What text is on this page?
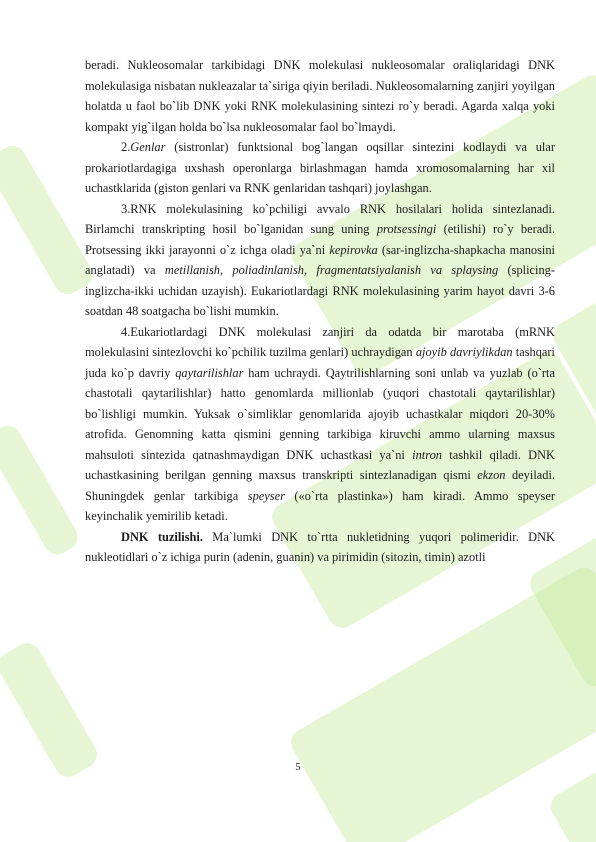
beradi. Nukleosomalar tarkibidagi DNK molekulasi nukleosomalar oraliqlaridagi DNK molekulasiga nisbatan nukleazalar ta`siriga qiyin beriladi. Nukleosomalarning zanjiri yoyilgan holatda u faol bo`lib DNK yoki RNK molekulasining sintezi ro`y beradi. Agarda xalqa yoki kompakt yig`ilgan holda bo`lsa nukleosomalar faol bo`lmaydi.

2.Genlar (sistronlar) funktsional bog`langan oqsillar sintezini kodlaydi va ular prokariotlardagiga uxshash operonlarga birlashmagan hamda xromosomalarning har xil uchastklarida (giston genlari va RNK genlaridan tashqari) joylashgan.

3.RNK molekulasining ko`pchiligi avvalo RNK hosilalari holida sintezlanadi. Birlamchi transkripting hosil bo`lganidan sung uning protsessingi (etilishi) ro`y beradi. Protsessing ikki jarayonni o`z ichga oladi ya`ni kepirovka (sar-inglizcha-shapkacha manosini anglatadi) va metillanish, poliadinlanish, fragmentatsiyalanish va splaysing (splicing-inglizcha-ikki uchidan uzayish). Eukariotlardagi RNK molekulasining yarim hayot davri 3-6 soatdan 48 soatgacha bo`lishi mumkin.

4.Eukariotlardagi DNK molekulasi zanjiri da odatda bir marotaba (mRNK molekulasini sintezlovchi ko`pchilik tuzilma genlari) uchraydigan ajoyib davriylikdan tashqari juda ko`p davriy qaytarilishlar ham uchraydi. Qaytrilishlarning soni unlab va yuzlab (o`rta chastotali qaytarilishlar) hatto genomlarda millionlab (yuqori chastotali qaytarilishlar) bo`lishligi mumkin. Yuksak o`simliklar genomlarida ajoyib uchastkalar miqdori 20-30% atrofida. Genomning katta qismini genning tarkibiga kiruvchi ammo ularning maxsus mahsuloti sintezida qatnashmaydigan DNK uchastkasi ya`ni intron tashkil qiladi. DNK uchastkasining berilgan genning maxsus transkripti sintezlanadigan qismi ekzon deyiladi. Shuningdek genlar tarkibiga speyser («o`rta plastinka») ham kiradi. Ammo speyser keyinchalik yemirilib ketadi.

DNK tuzilishi. Ma`lumki DNK to`rtta nukletidning yuqori polimeridir. DNK nukleotidlari o`z ichiga purin (adenin, guanin) va pirimidin (sitozin, timin) azotli

5
